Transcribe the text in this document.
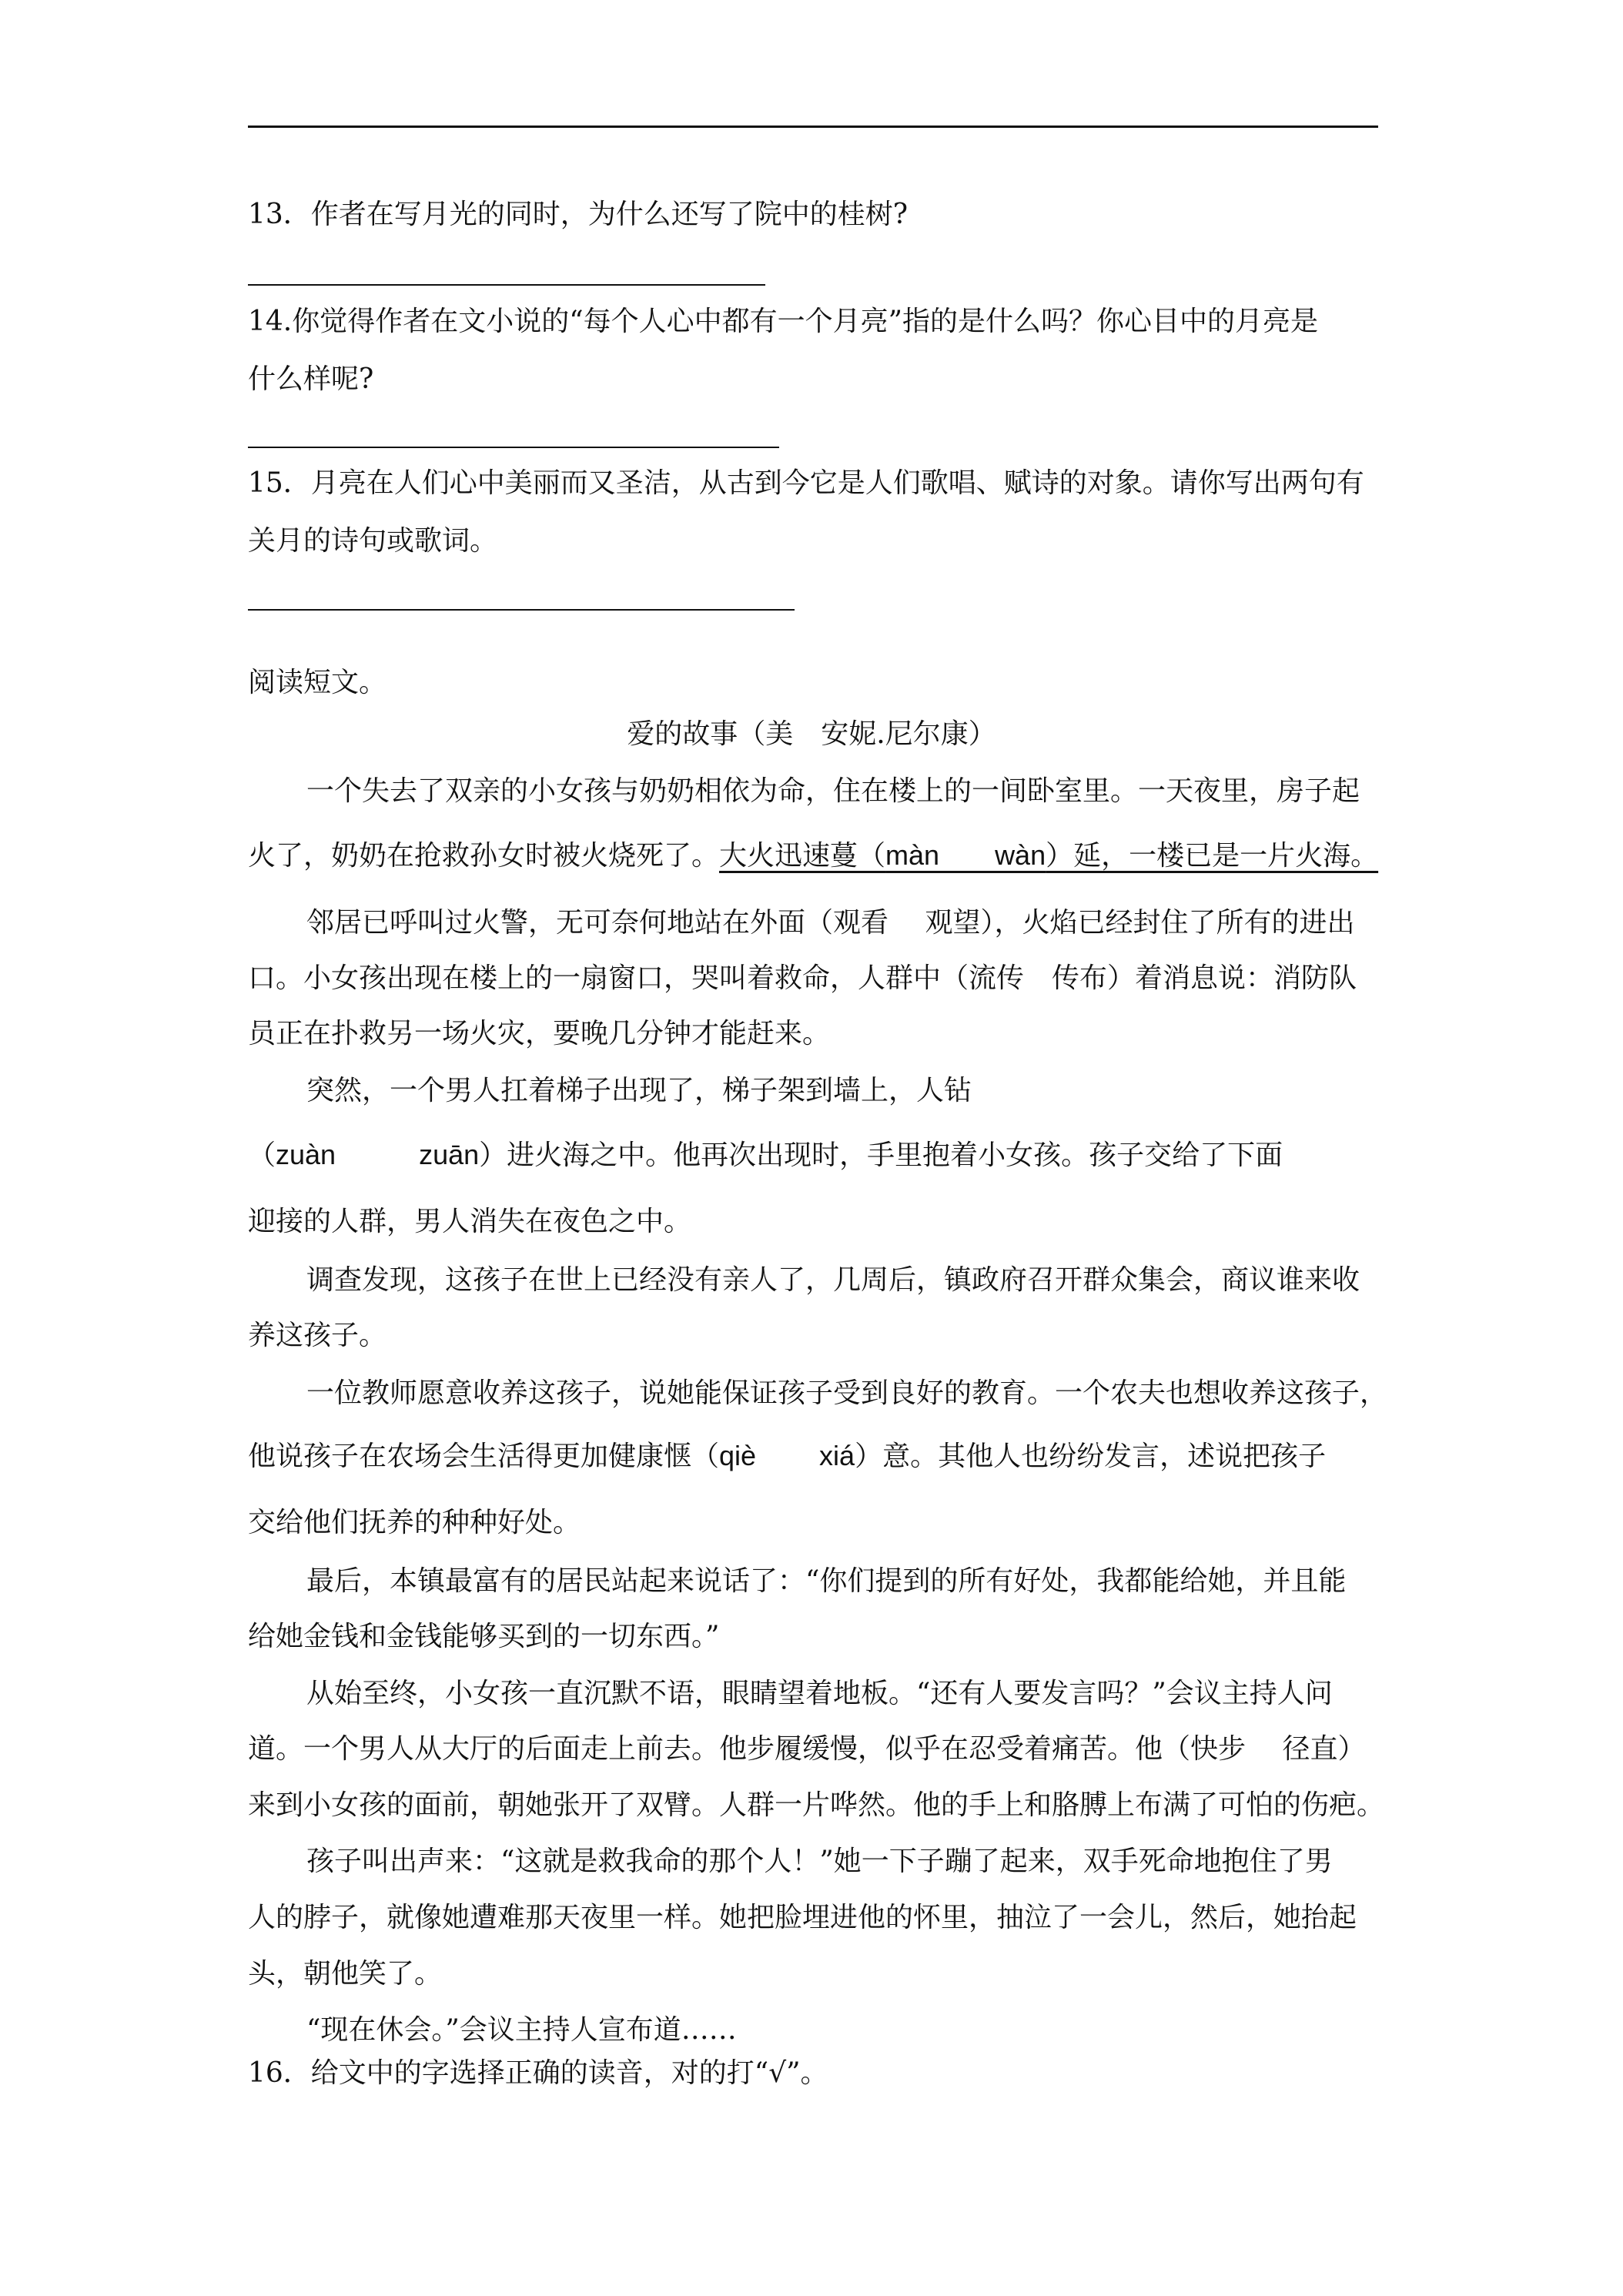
13．作者在写月光的同时，为什么还写了院中的桂树?
14.你觉得作者在文小说的“每个人心中都有一个月亮”指的是什么吗？你心目中的月亮是
什么样呢?
15．月亮在人们心中美丽而又圣洁，从古到今它是人们歌唱、赋诗的对象。请你写出两句有
关月的诗句或歌词。
阅读短文。
爱的故事（美　安妮.尼尔康）
一个失去了双亲的小女孩与奶奶相依为命，住在楼上的一间卧室里。一天夜里，房子起
火了，奶奶在抢救孙女时被火烧死了。大火迅速蔓（màn　　wàn）延，一楼已是一片火海。
邻居已呼叫过火警，无可奈何地站在外面（观看　 观望），火焰已经封住了所有的进出
口。小女孩出现在楼上的一扇窗口，哭叫着救命，人群中（流传　传布）着消息说：消防队
员正在扑救另一场火灾，要晚几分钟才能赶来。
突然，一个男人扛着梯子出现了，梯子架到墙上，人钻
（zuàn　　　zuān）进火海之中。他再次出现时，手里抱着小女孩。孩子交给了下面
迎接的人群，男人消失在夜色之中。
调查发现，这孩子在世上已经没有亲人了，几周后，镇政府召开群众集会，商议谁来收
养这孩子。
一位教师愿意收养这孩子，说她能保证孩子受到良好的教育。一个农夫也想收养这孩子，
他说孩子在农场会生活得更加健康惬（qiè　　 xiá）意。其他人也纷纷发言，述说把孩子
交给他们抚养的种种好处。
最后，本镇最富有的居民站起来说话了：“你们提到的所有好处，我都能给她，并且能
给她金钱和金钱能够买到的一切东西。”
从始至终，小女孩一直沉默不语，眼睛望着地板。“还有人要发言吗？”会议主持人问
道。一个男人从大厅的后面走上前去。他步履缓慢，似乎在忍受着痛苦。他（快步　 径直）
来到小女孩的面前，朝她张开了双臂。人群一片哗然。他的手上和胳膊上布满了可怕的伤疤。
孩子叫出声来：“这就是救我命的那个人！”她一下子蹦了起来，双手死命地抱住了男
人的脖子，就像她遭难那天夜里一样。她把脸埋进他的怀里，抽泣了一会儿，然后，她抬起
头，朝他笑了。
“现在休会。”会议主持人宣布道……
16．给文中的字选择正确的读音，对的打“√”。
